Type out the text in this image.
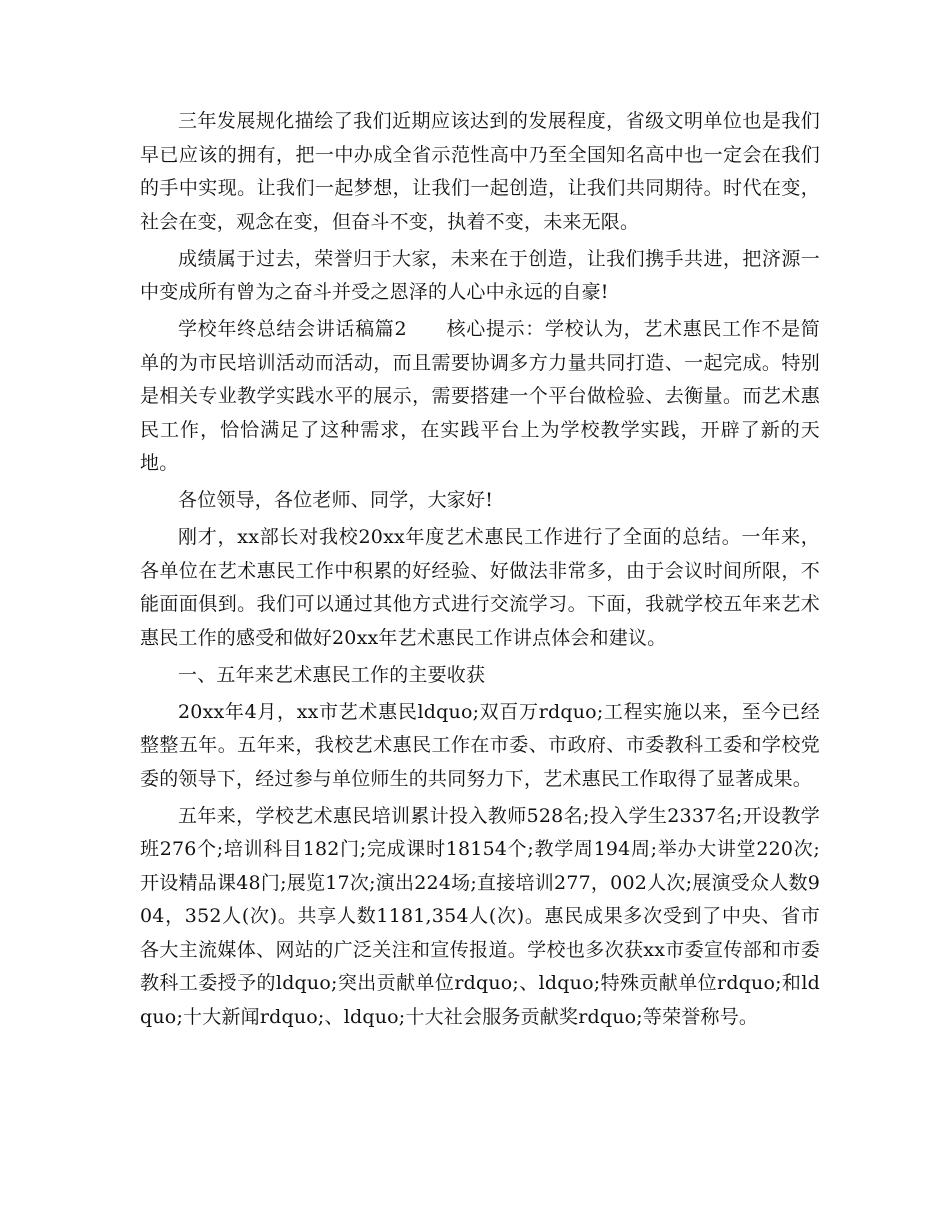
三年发展规化描绘了我们近期应该达到的发展程度，省级文明单位也是我们早已应该的拥有，把一中办成全省示范性高中乃至全国知名高中也一定会在我们的手中实现。让我们一起梦想，让我们一起创造，让我们共同期待。时代在变，社会在变，观念在变，但奋斗不变，执着不变，未来无限。

成绩属于过去，荣誉归于大家，未来在于创造，让我们携手共进，把济源一中变成所有曾为之奋斗并受之恩泽的人心中永远的自豪!

学校年终总结会讲话稿篇2　　核心提示：学校认为，艺术惠民工作不是简单的为市民培训活动而活动，而且需要协调多方力量共同打造、一起完成。特别是相关专业教学实践水平的展示，需要搭建一个平台做检验、去衡量。而艺术惠民工作，恰恰满足了这种需求，在实践平台上为学校教学实践，开辟了新的天地。

各位领导，各位老师、同学，大家好!

刚才，xx部长对我校20xx年度艺术惠民工作进行了全面的总结。一年来，各单位在艺术惠民工作中积累的好经验、好做法非常多，由于会议时间所限，不能面面俱到。我们可以通过其他方式进行交流学习。下面，我就学校五年来艺术惠民工作的感受和做好20xx年艺术惠民工作讲点体会和建议。

一、五年来艺术惠民工作的主要收获

20xx年4月，xx市艺术惠民ldquo;双百万rdquo;工程实施以来，至今已经整整五年。五年来，我校艺术惠民工作在市委、市政府、市委教科工委和学校党委的领导下，经过参与单位师生的共同努力下，艺术惠民工作取得了显著成果。

五年来，学校艺术惠民培训累计投入教师528名;投入学生2337名;开设教学班276个;培训科目182门;完成课时18154个;教学周194周;举办大讲堂220次;开设精品课48门;展览17次;演出224场;直接培训277，002人次;展演受众人数904，352人(次)。共享人数1181,354人(次)。惠民成果多次受到了中央、省市各大主流媒体、网站的广泛关注和宣传报道。学校也多次获xx市委宣传部和市委教科工委授予的ldquo;突出贡献单位rdquo;、ldquo;特殊贡献单位rdquo;和ldquo;十大新闻rdquo;、ldquo;十大社会服务贡献奖rdquo;等荣誉称号。
